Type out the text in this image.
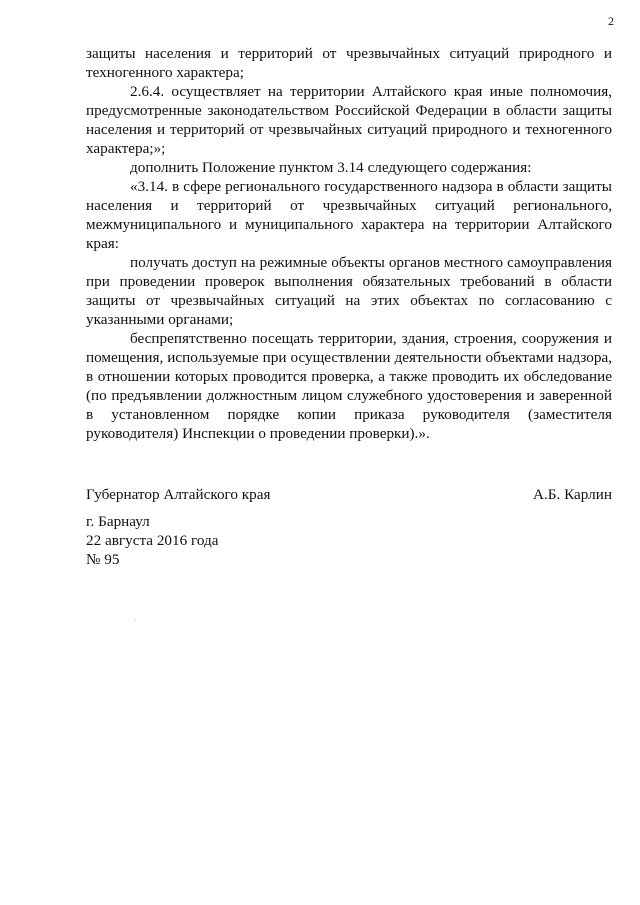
2

защиты населения и территорий от чрезвычайных ситуаций природного и техногенного характера;

2.6.4. осуществляет на территории Алтайского края иные полномочия, предусмотренные законодательством Российской Федерации в области защиты населения и территорий от чрезвычайных ситуаций природного и техногенного характера;»;

дополнить Положение пунктом 3.14 следующего содержания:

«3.14. в сфере регионального государственного надзора в области защиты населения и территорий от чрезвычайных ситуаций регионального, межмуниципального и муниципального характера на территории Алтайского края:

получать доступ на режимные объекты органов местного самоуправления при проведении проверок выполнения обязательных требований в области защиты от чрезвычайных ситуаций на этих объектах по согласованию с указанными органами;

беспрепятственно посещать территории, здания, строения, сооружения и помещения, используемые при осуществлении деятельности объектами надзора, в отношении которых проводится проверка, а также проводить их обследование (по предъявлении должностным лицом служебного удостоверения и заверенной в установленном порядке копии приказа руководителя (заместителя руководителя) Инспекции о проведении проверки).».

Губернатор Алтайского края	А.Б. Карлин
г. Барнаул
22 августа 2016 года
№ 95
